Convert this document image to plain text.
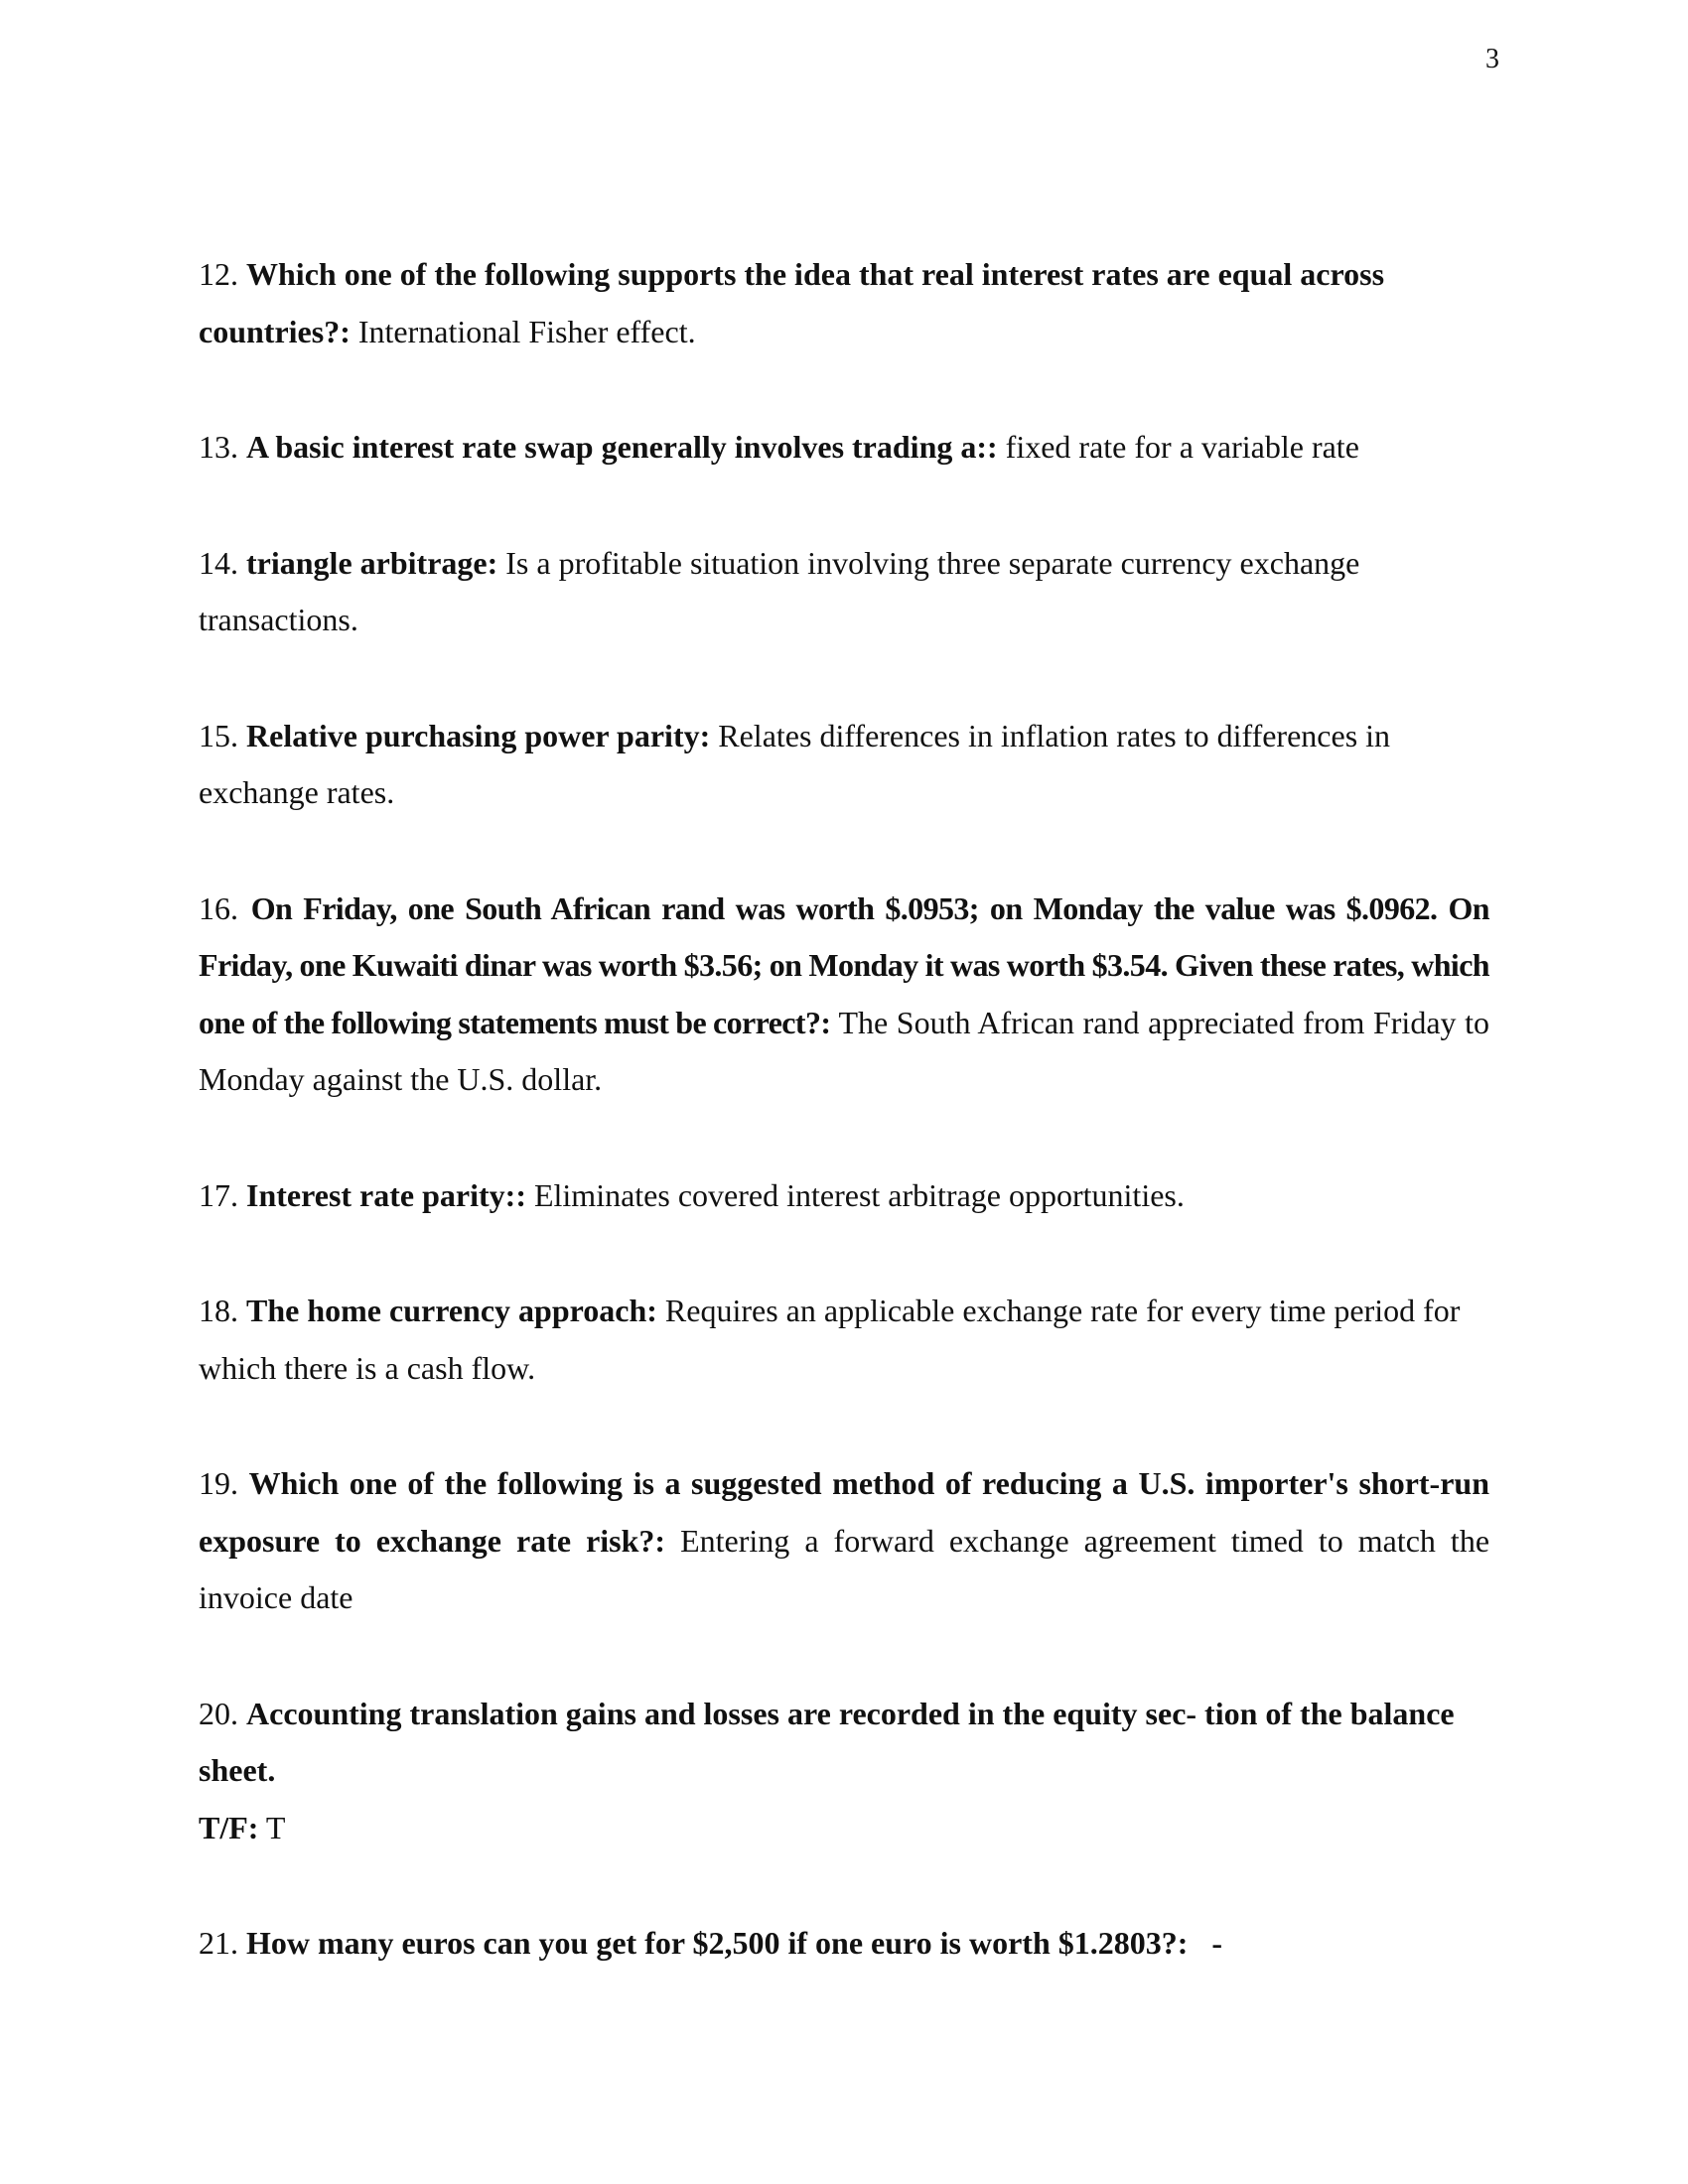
3

12. Which one of the following supports the idea that real interest rates are equal across countries?: International Fisher effect.

13. A basic interest rate swap generally involves trading a:: fixed rate for a variable rate

14. triangle arbitrage: Is a profitable situation involving three separate currency exchange transactions.

15. Relative purchasing power parity: Relates differences in inflation rates to differences in exchange rates.

16. On Friday, one South African rand was worth $.0953; on Monday the value was $.0962. On Friday, one Kuwaiti dinar was worth $3.56; on Monday it was worth $3.54. Given these rates, which one of the following statements must be correct?: The South African rand appreciated from Friday to Monday against the U.S. dollar.

17. Interest rate parity:: Eliminates covered interest arbitrage opportunities.

18. The home currency approach: Requires an applicable exchange rate for every time period for which there is a cash flow.

19. Which one of the following is a suggested method of reducing a U.S. importer's short-run exposure to exchange rate risk?: Entering a forward exchange agreement timed to match the invoice date

20. Accounting translation gains and losses are recorded in the equity sec- tion of the balance sheet.
T/F: T

21. How many euros can you get for $2,500 if one euro is worth $1.2803?: -
